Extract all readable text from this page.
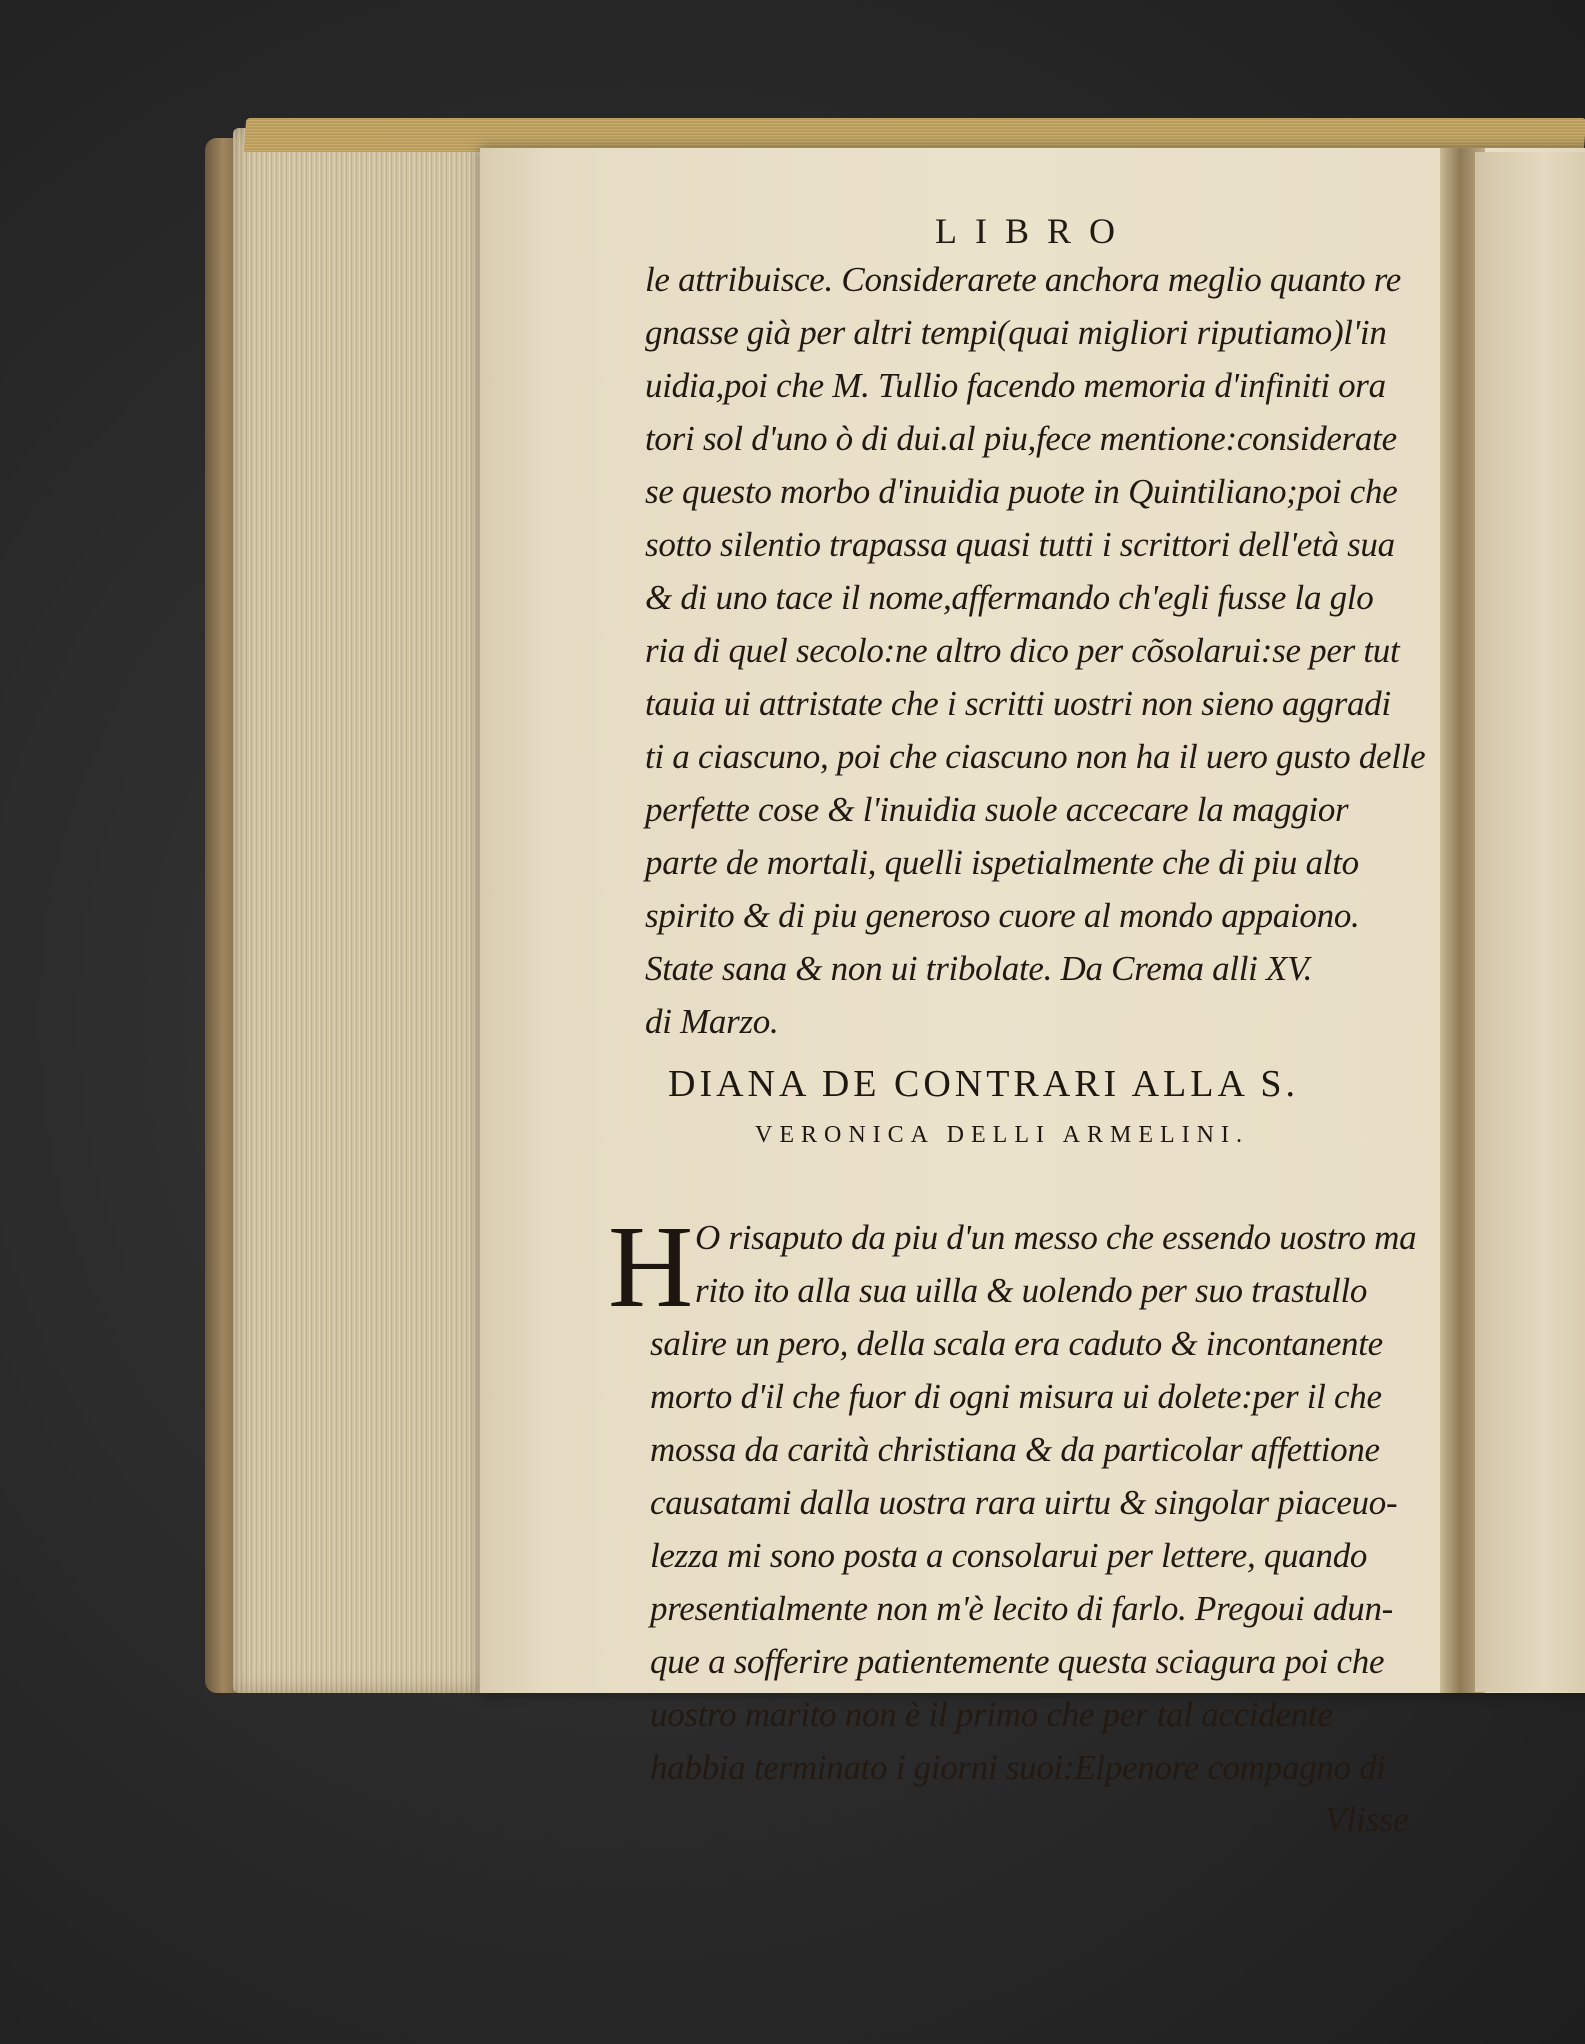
LIBRO
le attribuisce. Considerarete anchora meglio quanto re
gnasse già per altri tempi(quai migliori riputiamo)l'in
uidia,poi che M. Tullio facendo memoria d'infiniti ora
tori sol d'uno ò di dui.al piu,fece mentione:considerate
se questo morbo d'inuidia puote in Quintiliano;poi che
sotto silentio trapassa quasi tutti i scrittori dell'età sua
& di uno tace il nome,affermando ch'egli fusse la glo
ria di quel secolo:ne altro dico per cõsolarui:se per tut
tauia ui attristate che i scritti uostri non sieno aggradi
ti a ciascuno, poi che ciascuno non ha il uero gusto delle
perfette cose & l'inuidia suole accecare la maggior
parte de mortali, quelli ispetialmente che di piu alto
spirito & di piu generoso cuore al mondo appaiono.
State sana & non ui tribolate. Da Crema alli XV.
di Marzo.
DIANA DE CONTRARI ALLA S.
VERONICA DELLI ARMELINI.
H O risaputo da piu d'un messo che essendo uostro ma
rito ito alla sua uilla & uolendo per suo trastullo
salire un pero, della scala era caduto & incontanente
morto d'il che fuor di ogni misura ui dolete:per il che
mossa da carità christiana & da particolar affettione
causatami dalla uostra rara uirtu & singolar piaceuo-
lezza mi sono posta a consolarui per lettere, quando
presentialmente non m'è lecito di farlo. Pregoui adun-
que a sofferire patientemente questa sciagura poi che
uostro marito non è il primo che per tal accidente
habbia terminato i giorni suoi:Elpenore compagno di
Vlisse
